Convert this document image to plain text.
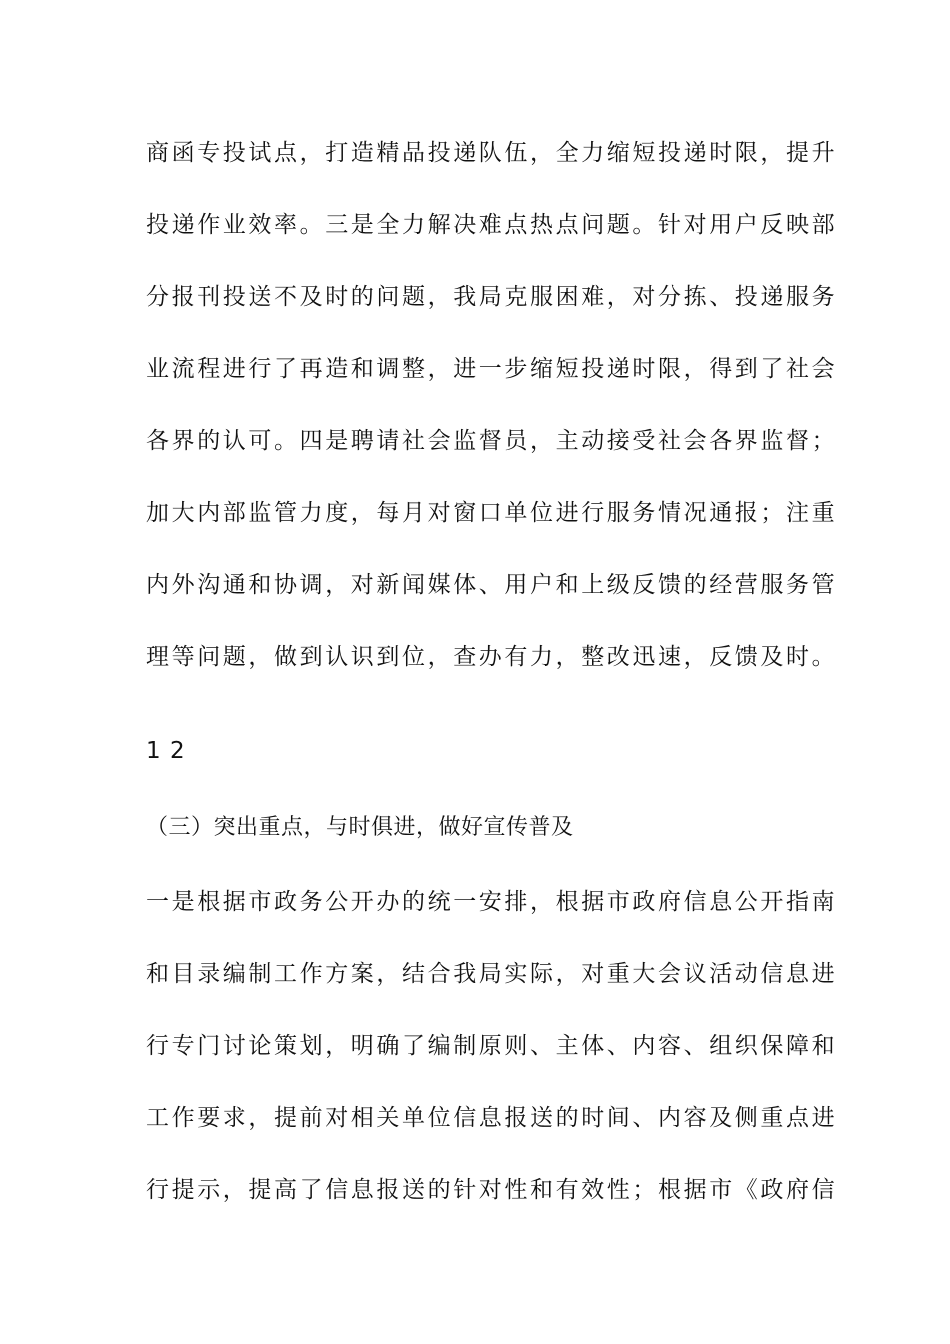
商函专投试点，打造精品投递队伍，全力缩短投递时限，提升
投递作业效率。三是全力解决难点热点问题。针对用户反映部
分报刊投送不及时的问题，我局克服困难，对分拣、投递服务
业流程进行了再造和调整，进一步缩短投递时限，得到了社会
各界的认可。四是聘请社会监督员，主动接受社会各界监督；
加大内部监管力度，每月对窗口单位进行服务情况通报；注重
内外沟通和协调，对新闻媒体、用户和上级反馈的经营服务管
理等问题，做到认识到位，查办有力，整改迅速，反馈及时。
1 2
（三）突出重点，与时俱进，做好宣传普及
一是根据市政务公开办的统一安排，根据市政府信息公开指南
和目录编制工作方案，结合我局实际，对重大会议活动信息进
行专门讨论策划，明确了编制原则、主体、内容、组织保障和
工作要求，提前对相关单位信息报送的时间、内容及侧重点进
行提示，提高了信息报送的针对性和有效性；根据市《政府信
